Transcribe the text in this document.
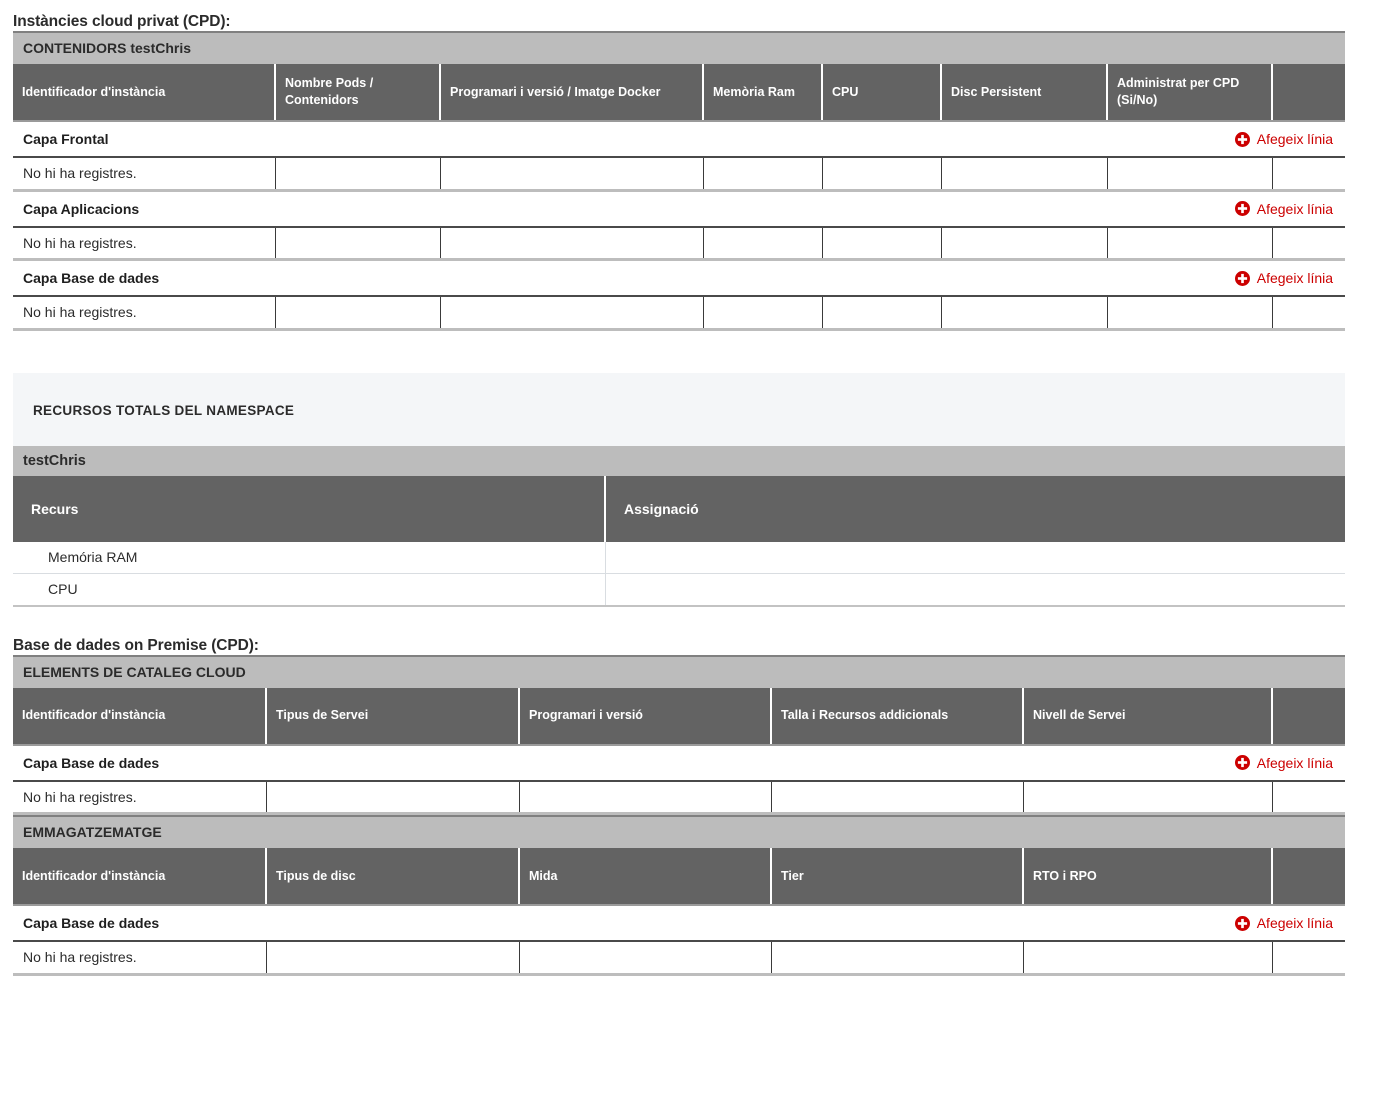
Instàncies cloud privat (CPD):
CONTENIDORS testChris							
Identificador d'instància	Nombre Pods / Contenidors	Programari i versió / Imatge Docker	Memòria Ram	CPU	Disc Persistent	Administrat per CPD (Si/No)	

Capa Frontal Afegeix línia							

No hi ha registres.							

Capa Aplicacions Afegeix línia							

No hi ha registres.							

Capa Base de dades Afegeix línia							

No hi ha registres.							
RECURSOS TOTALS DEL NAMESPACE
testChris	
Recurs	Assignació
Memória RAM	
CPU	
Base de dades on Premise (CPD):
ELEMENTS DE CATALEG CLOUD					
Identificador d'instància	Tipus de Servei	Programari i versió	Talla i Recursos addicionals	Nivell de Servei	

Capa Base de dades Afegeix línia					

No hi ha registres.					
EMMAGATZEMATGE					
Identificador d'instància	Tipus de disc	Mida	Tier	RTO i RPO	

Capa Base de dades Afegeix línia					

No hi ha registres.					
